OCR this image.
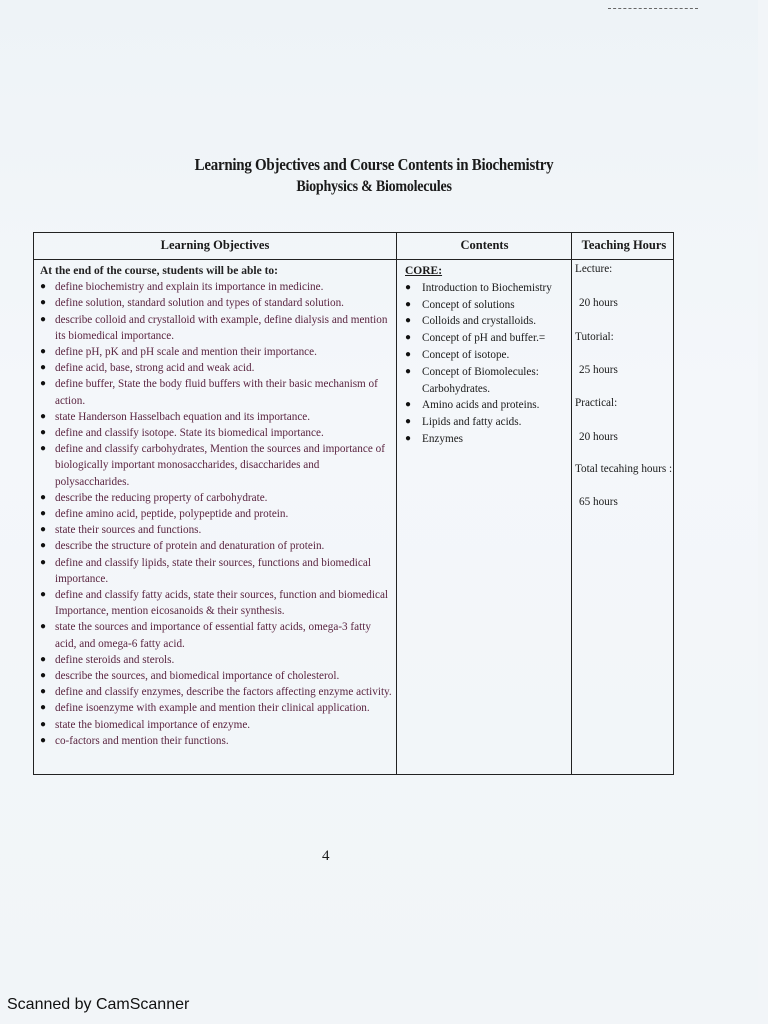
Learning Objectives and Course Contents in Biochemistry
Biophysics & Biomolecules
Learning Objectives	Contents	Teaching Hours
At the end of the course, students will be able to:
● define biochemistry and explain its importance in medicine.
● define solution, standard solution and types of standard solution.
● describe colloid and crystalloid with example, define dialysis and mention its biomedical importance.
● define pH, pK and pH scale and mention their importance.
● define acid, base, strong acid and weak acid.
● define buffer, State the body fluid buffers with their basic mechanism of action.
● state Handerson Hasselbach equation and its importance.
● define and classify isotope. State its biomedical importance.
● define and classify carbohydrates, Mention the sources and importance of biologically important monosaccharides, disaccharides and polysaccharides.
● describe the reducing property of carbohydrate.
● define amino acid, peptide, polypeptide and protein.
● state their sources and functions.
● describe the structure of protein and denaturation of protein.
● define and classify lipids, state their sources, functions and biomedical importance.
● define and classify fatty acids, state their sources, function and biomedical Importance, mention eicosanoids & their synthesis.
● state the sources and importance of essential fatty acids, omega-3 fatty acid, and omega-6 fatty acid.
● define steroids and sterols.
● describe the sources, and biomedical importance of cholesterol.
● define and classify enzymes, describe the factors affecting enzyme activity.
● define isoenzyme with example and mention their clinical application.
● state the biomedical importance of enzyme.
● co-factors and mention their functions.
CORE:
● Introduction to Biochemistry
● Concept of solutions
● Colloids and crystalloids.
● Concept of pH and buffer.=
● Concept of isotope.
● Concept of Biomolecules: Carbohydrates.
● Amino acids and proteins.
● Lipids and fatty acids.
● Enzymes
Lecture:
20 hours
Tutorial:
25 hours
Practical:
20 hours
Total tecahing hours :
65 hours
4
Scanned by CamScanner
